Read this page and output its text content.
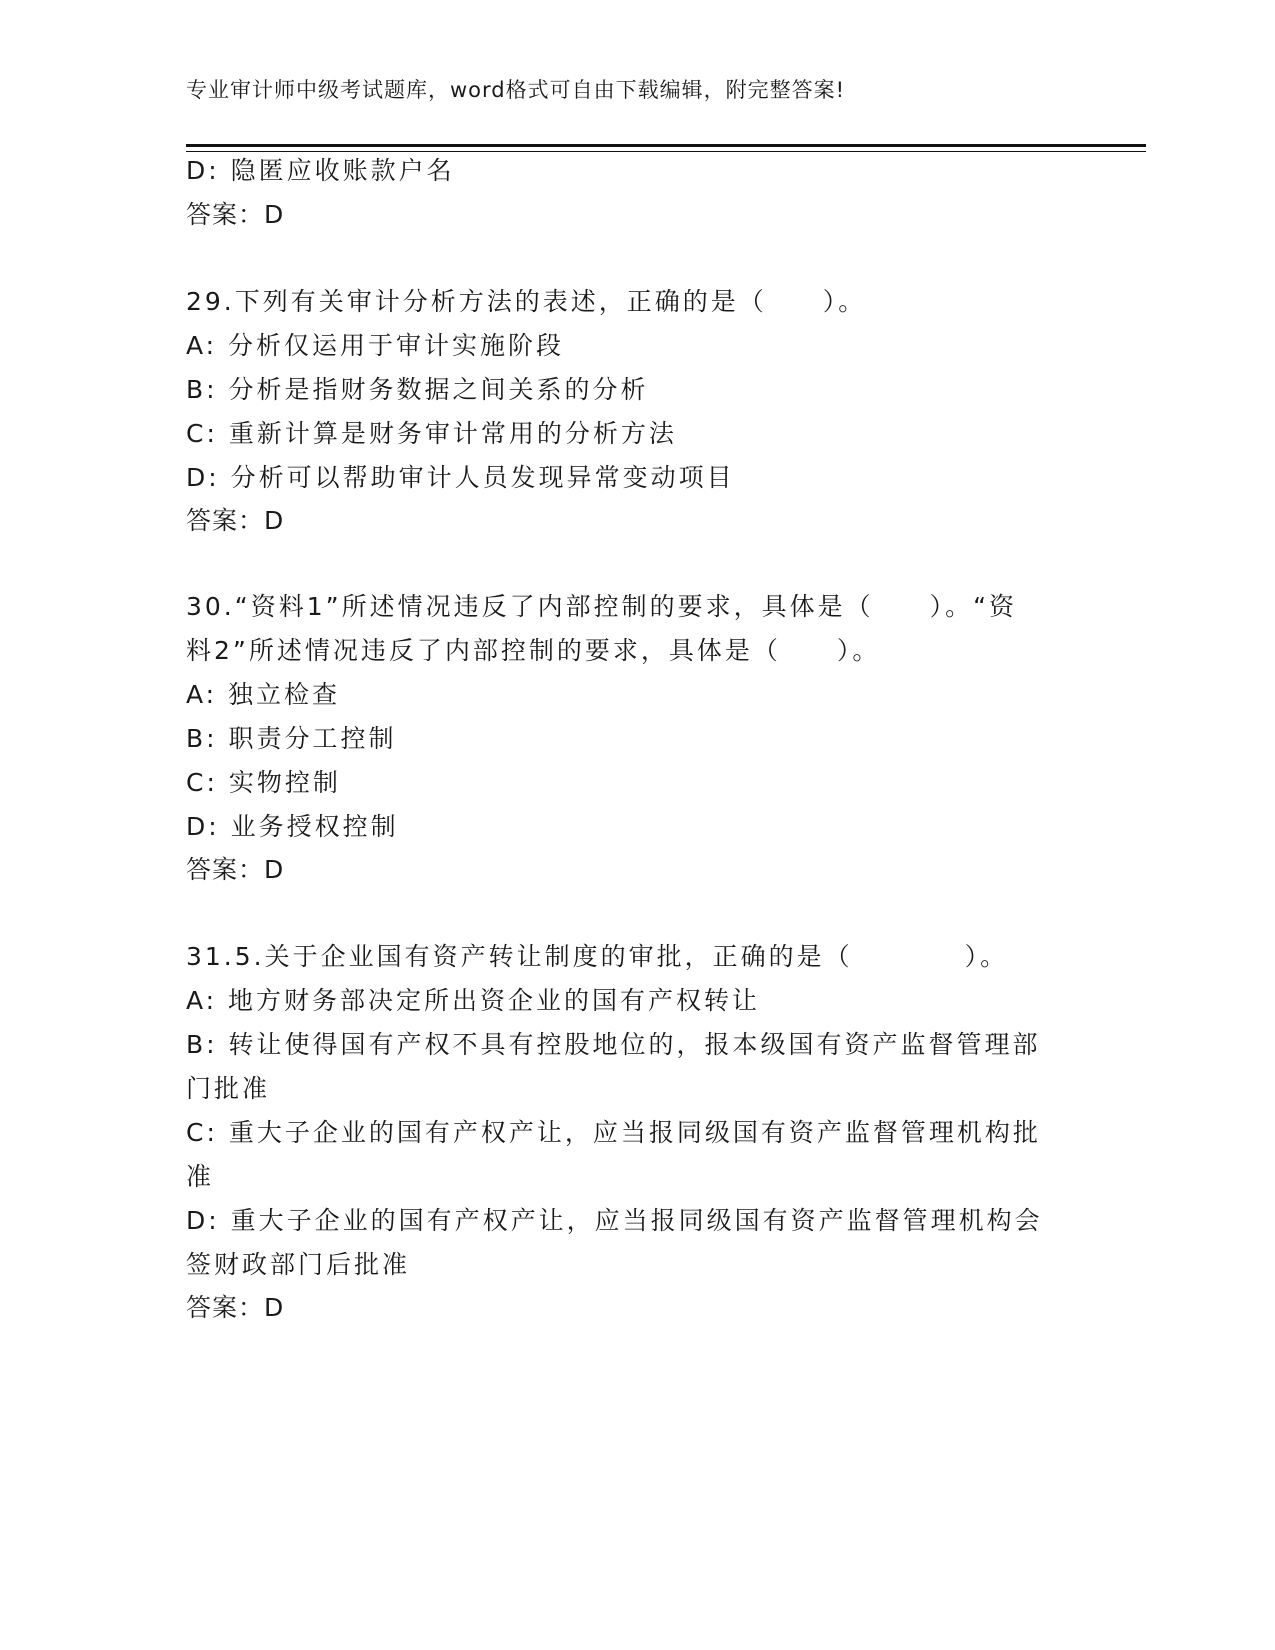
专业审计师中级考试题库，word格式可自由下载编辑，附完整答案!
D: 隐匿应收账款户名
答案：D
29.下列有关审计分析方法的表述，正确的是（　　）。
A: 分析仅运用于审计实施阶段
B: 分析是指财务数据之间关系的分析
C: 重新计算是财务审计常用的分析方法
D: 分析可以帮助审计人员发现异常变动项目
答案：D
30.“资料1”所述情况违反了内部控制的要求，具体是（　　）。“资
料2”所述情况违反了内部控制的要求，具体是（　　）。
A: 独立检查
B: 职责分工控制
C: 实物控制
D: 业务授权控制
答案：D
31.5.关于企业国有资产转让制度的审批，正确的是（　　　　）。
A: 地方财务部决定所出资企业的国有产权转让
B: 转让使得国有产权不具有控股地位的，报本级国有资产监督管理部
门批准
C: 重大子企业的国有产权产让，应当报同级国有资产监督管理机构批
准
D: 重大子企业的国有产权产让，应当报同级国有资产监督管理机构会
签财政部门后批准
答案：D
